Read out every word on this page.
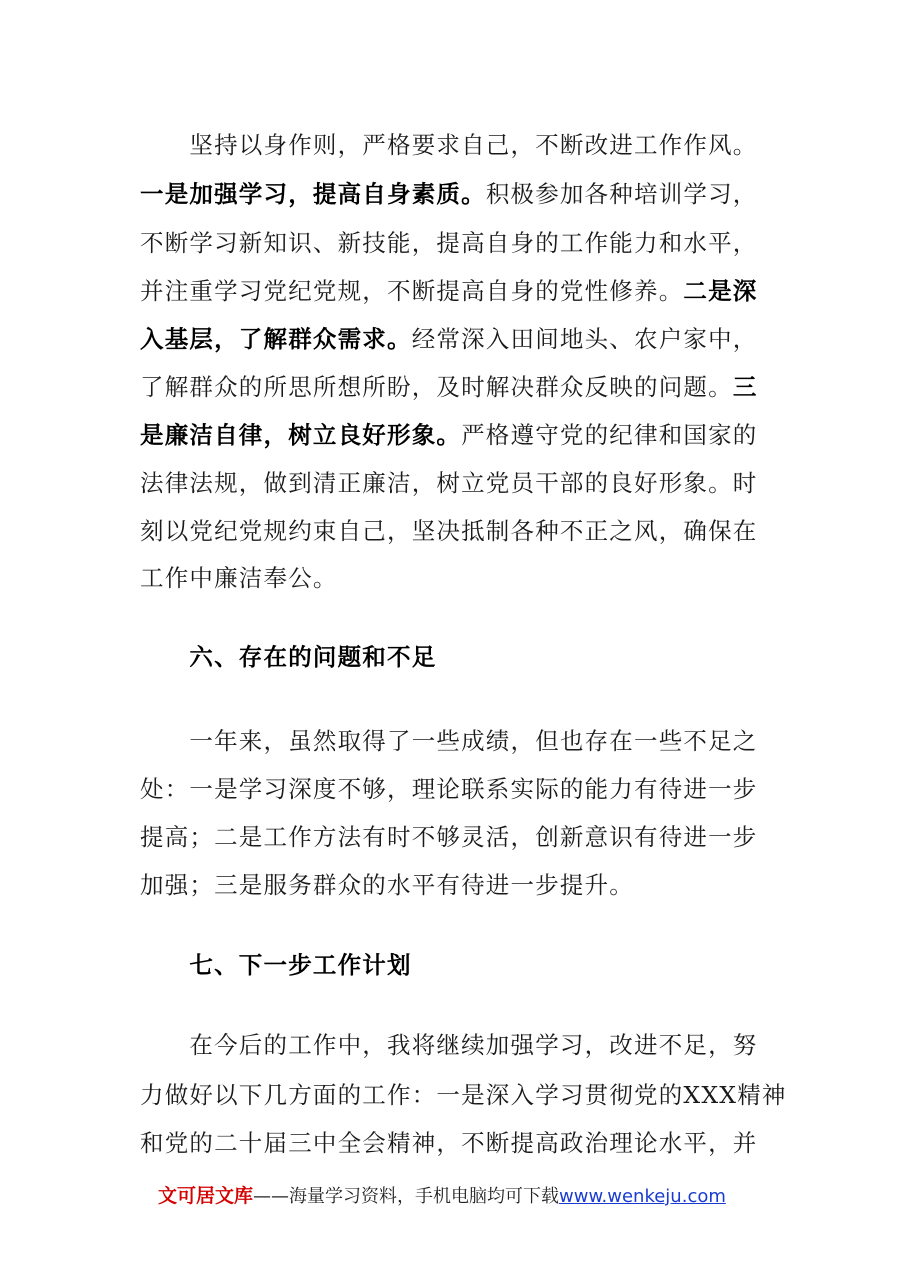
　　坚持以身作则，严格要求自己，不断改进工作作风。
一是加强学习，提高自身素质。积极参加各种培训学习，
不断学习新知识、新技能，提高自身的工作能力和水平，
并注重学习党纪党规，不断提高自身的党性修养。二是深
入基层，了解群众需求。经常深入田间地头、农户家中，
了解群众的所思所想所盼，及时解决群众反映的问题。三
是廉洁自律，树立良好形象。严格遵守党的纪律和国家的
法律法规，做到清正廉洁，树立党员干部的良好形象。时
刻以党纪党规约束自己，坚决抵制各种不正之风，确保在
工作中廉洁奉公。
　　六、存在的问题和不足
　　一年来，虽然取得了一些成绩，但也存在一些不足之
处：一是学习深度不够，理论联系实际的能力有待进一步
提高；二是工作方法有时不够灵活，创新意识有待进一步
加强；三是服务群众的水平有待进一步提升。
　　七、下一步工作计划
　　在今后的工作中，我将继续加强学习，改进不足，努
力做好以下几方面的工作：一是深入学习贯彻党的XXX精神
和党的二十届三中全会精神，不断提高政治理论水平，并
文可居文库——海量学习资料，手机电脑均可下载www.wenkeju.com
